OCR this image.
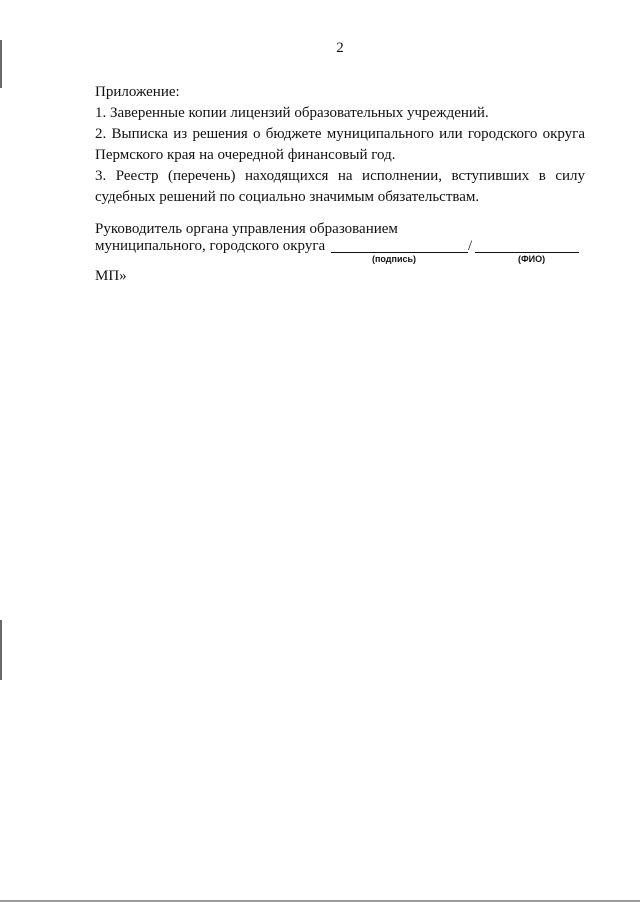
2

Приложение:

1. Заверенные копии лицензий образовательных учреждений.

2. Выписка из решения о бюджете муниципального или городского округа

Пермского края на очередной финансовый год.

3. Реестр (перечень) находящихся на исполнении, вступивших в силу

судебных решений по социально значимым обязательствам.

Руководитель органа управления образованием
муниципального, городского округа	/
(подпись)	(ФИО)
МП»
